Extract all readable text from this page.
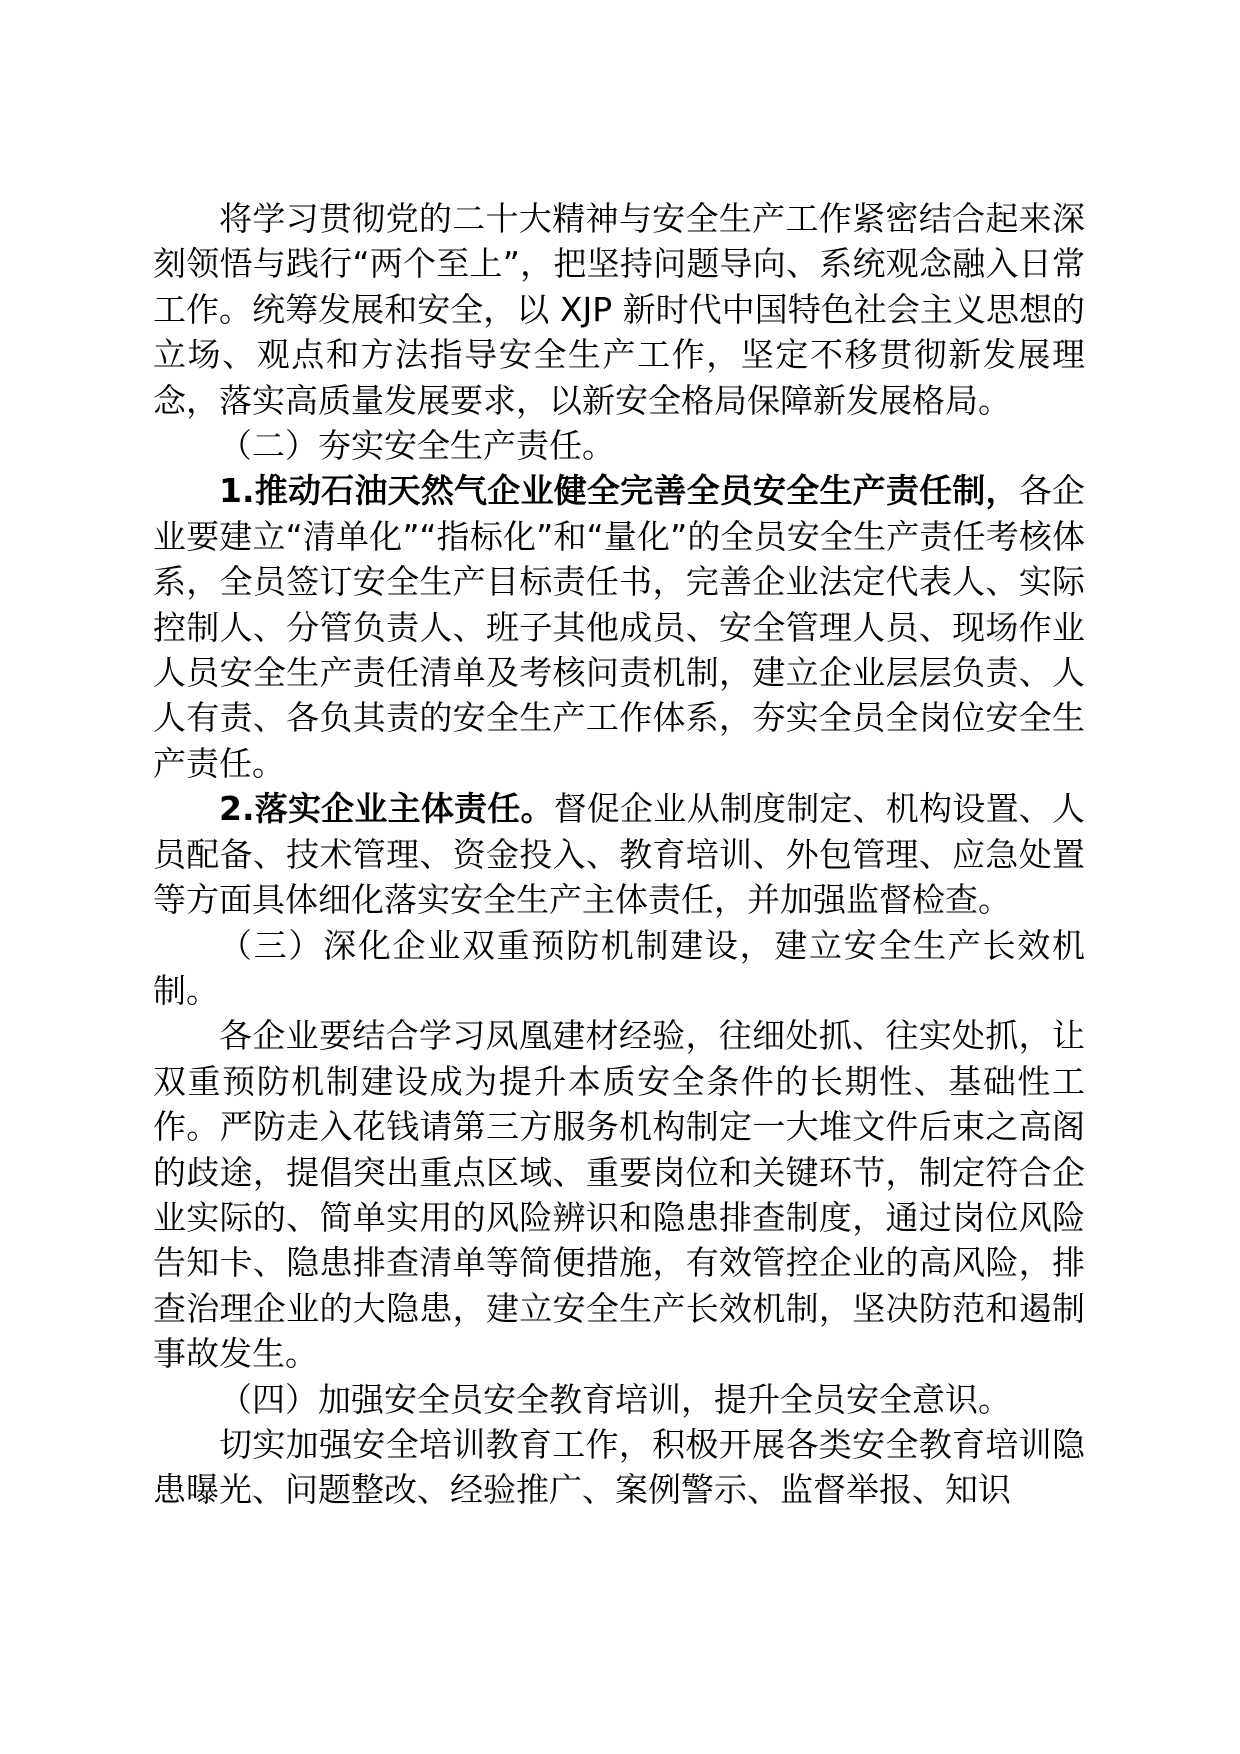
将学习贯彻党的二十大精神与安全生产工作紧密结合起来深刻领悟与践行“两个至上”，把坚持问题导向、系统观念融入日常工作。统筹发展和安全，以 XJP 新时代中国特色社会主义思想的立场、观点和方法指导安全生产工作，坚定不移贯彻新发展理念，落实高质量发展要求，以新安全格局保障新发展格局。

（二）夯实安全生产责任。

1.推动石油天然气企业健全完善全员安全生产责任制，各企业要建立“清单化”“指标化”和“量化”的全员安全生产责任考核体系，全员签订安全生产目标责任书，完善企业法定代表人、实际控制人、分管负责人、班子其他成员、安全管理人员、现场作业人员安全生产责任清单及考核问责机制，建立企业层层负责、人人有责、各负其责的安全生产工作体系，夯实全员全岗位安全生产责任。

2.落实企业主体责任。督促企业从制度制定、机构设置、人员配备、技术管理、资金投入、教育培训、外包管理、应急处置等方面具体细化落实安全生产主体责任，并加强监督检查。

（三）深化企业双重预防机制建设，建立安全生产长效机制。

各企业要结合学习凤凰建材经验，往细处抓、往实处抓，让双重预防机制建设成为提升本质安全条件的长期性、基础性工作。严防走入花钱请第三方服务机构制定一大堆文件后束之高阁的歧途，提倡突出重点区域、重要岗位和关键环节，制定符合企业实际的、简单实用的风险辨识和隐患排查制度，通过岗位风险告知卡、隐患排查清单等简便措施，有效管控企业的高风险，排查治理企业的大隐患，建立安全生产长效机制，坚决防范和遏制事故发生。

（四）加强安全员安全教育培训，提升全员安全意识。

切实加强安全培训教育工作，积极开展各类安全教育培训隐患曝光、问题整改、经验推广、案例警示、监督举报、知识
